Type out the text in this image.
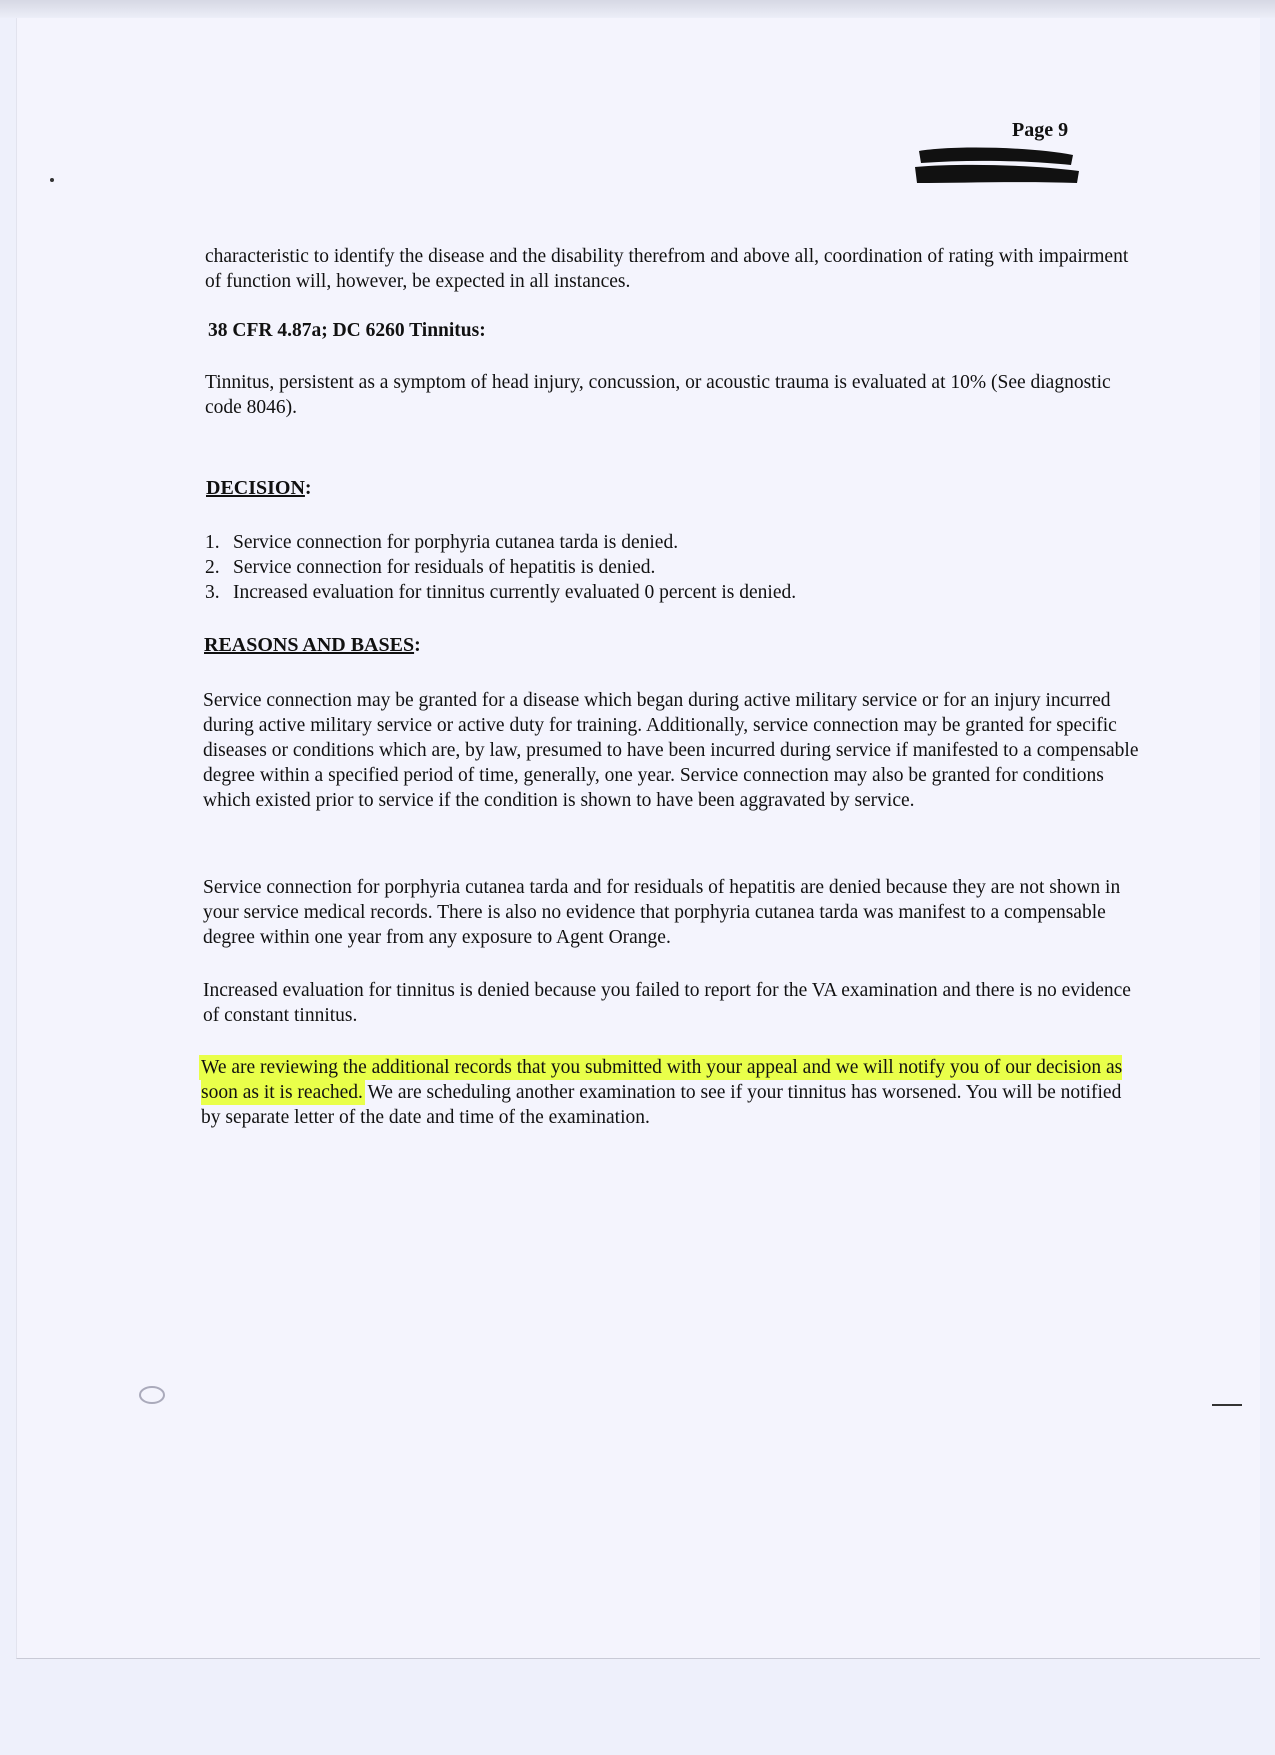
Page 9

characteristic to identify the disease and the disability therefrom and above all, coordination of rating with impairment of function will, however, be expected in all instances.

38 CFR 4.87a; DC 6260 Tinnitus:

Tinnitus, persistent as a symptom of head injury, concussion, or acoustic trauma is evaluated at 10% (See diagnostic code 8046).

DECISION:
1. Service connection for porphyria cutanea tarda is denied.
2. Service connection for residuals of hepatitis is denied.
3. Increased evaluation for tinnitus currently evaluated 0 percent is denied.
REASONS AND BASES:

Service connection may be granted for a disease which began during active military service or for an injury incurred during active military service or active duty for training. Additionally, service connection may be granted for specific diseases or conditions which are, by law, presumed to have been incurred during service if manifested to a compensable degree within a specified period of time, generally, one year. Service connection may also be granted for conditions which existed prior to service if the condition is shown to have been aggravated by service.

Service connection for porphyria cutanea tarda and for residuals of hepatitis are denied because they are not shown in your service medical records. There is also no evidence that porphyria cutanea tarda was manifest to a compensable degree within one year from any exposure to Agent Orange.

Increased evaluation for tinnitus is denied because you failed to report for the VA examination and there is no evidence of constant tinnitus.

We are reviewing the additional records that you submitted with your appeal and we will notify you of our decision as soon as it is reached. We are scheduling another examination to see if your tinnitus has worsened. You will be notified by separate letter of the date and time of the examination.
